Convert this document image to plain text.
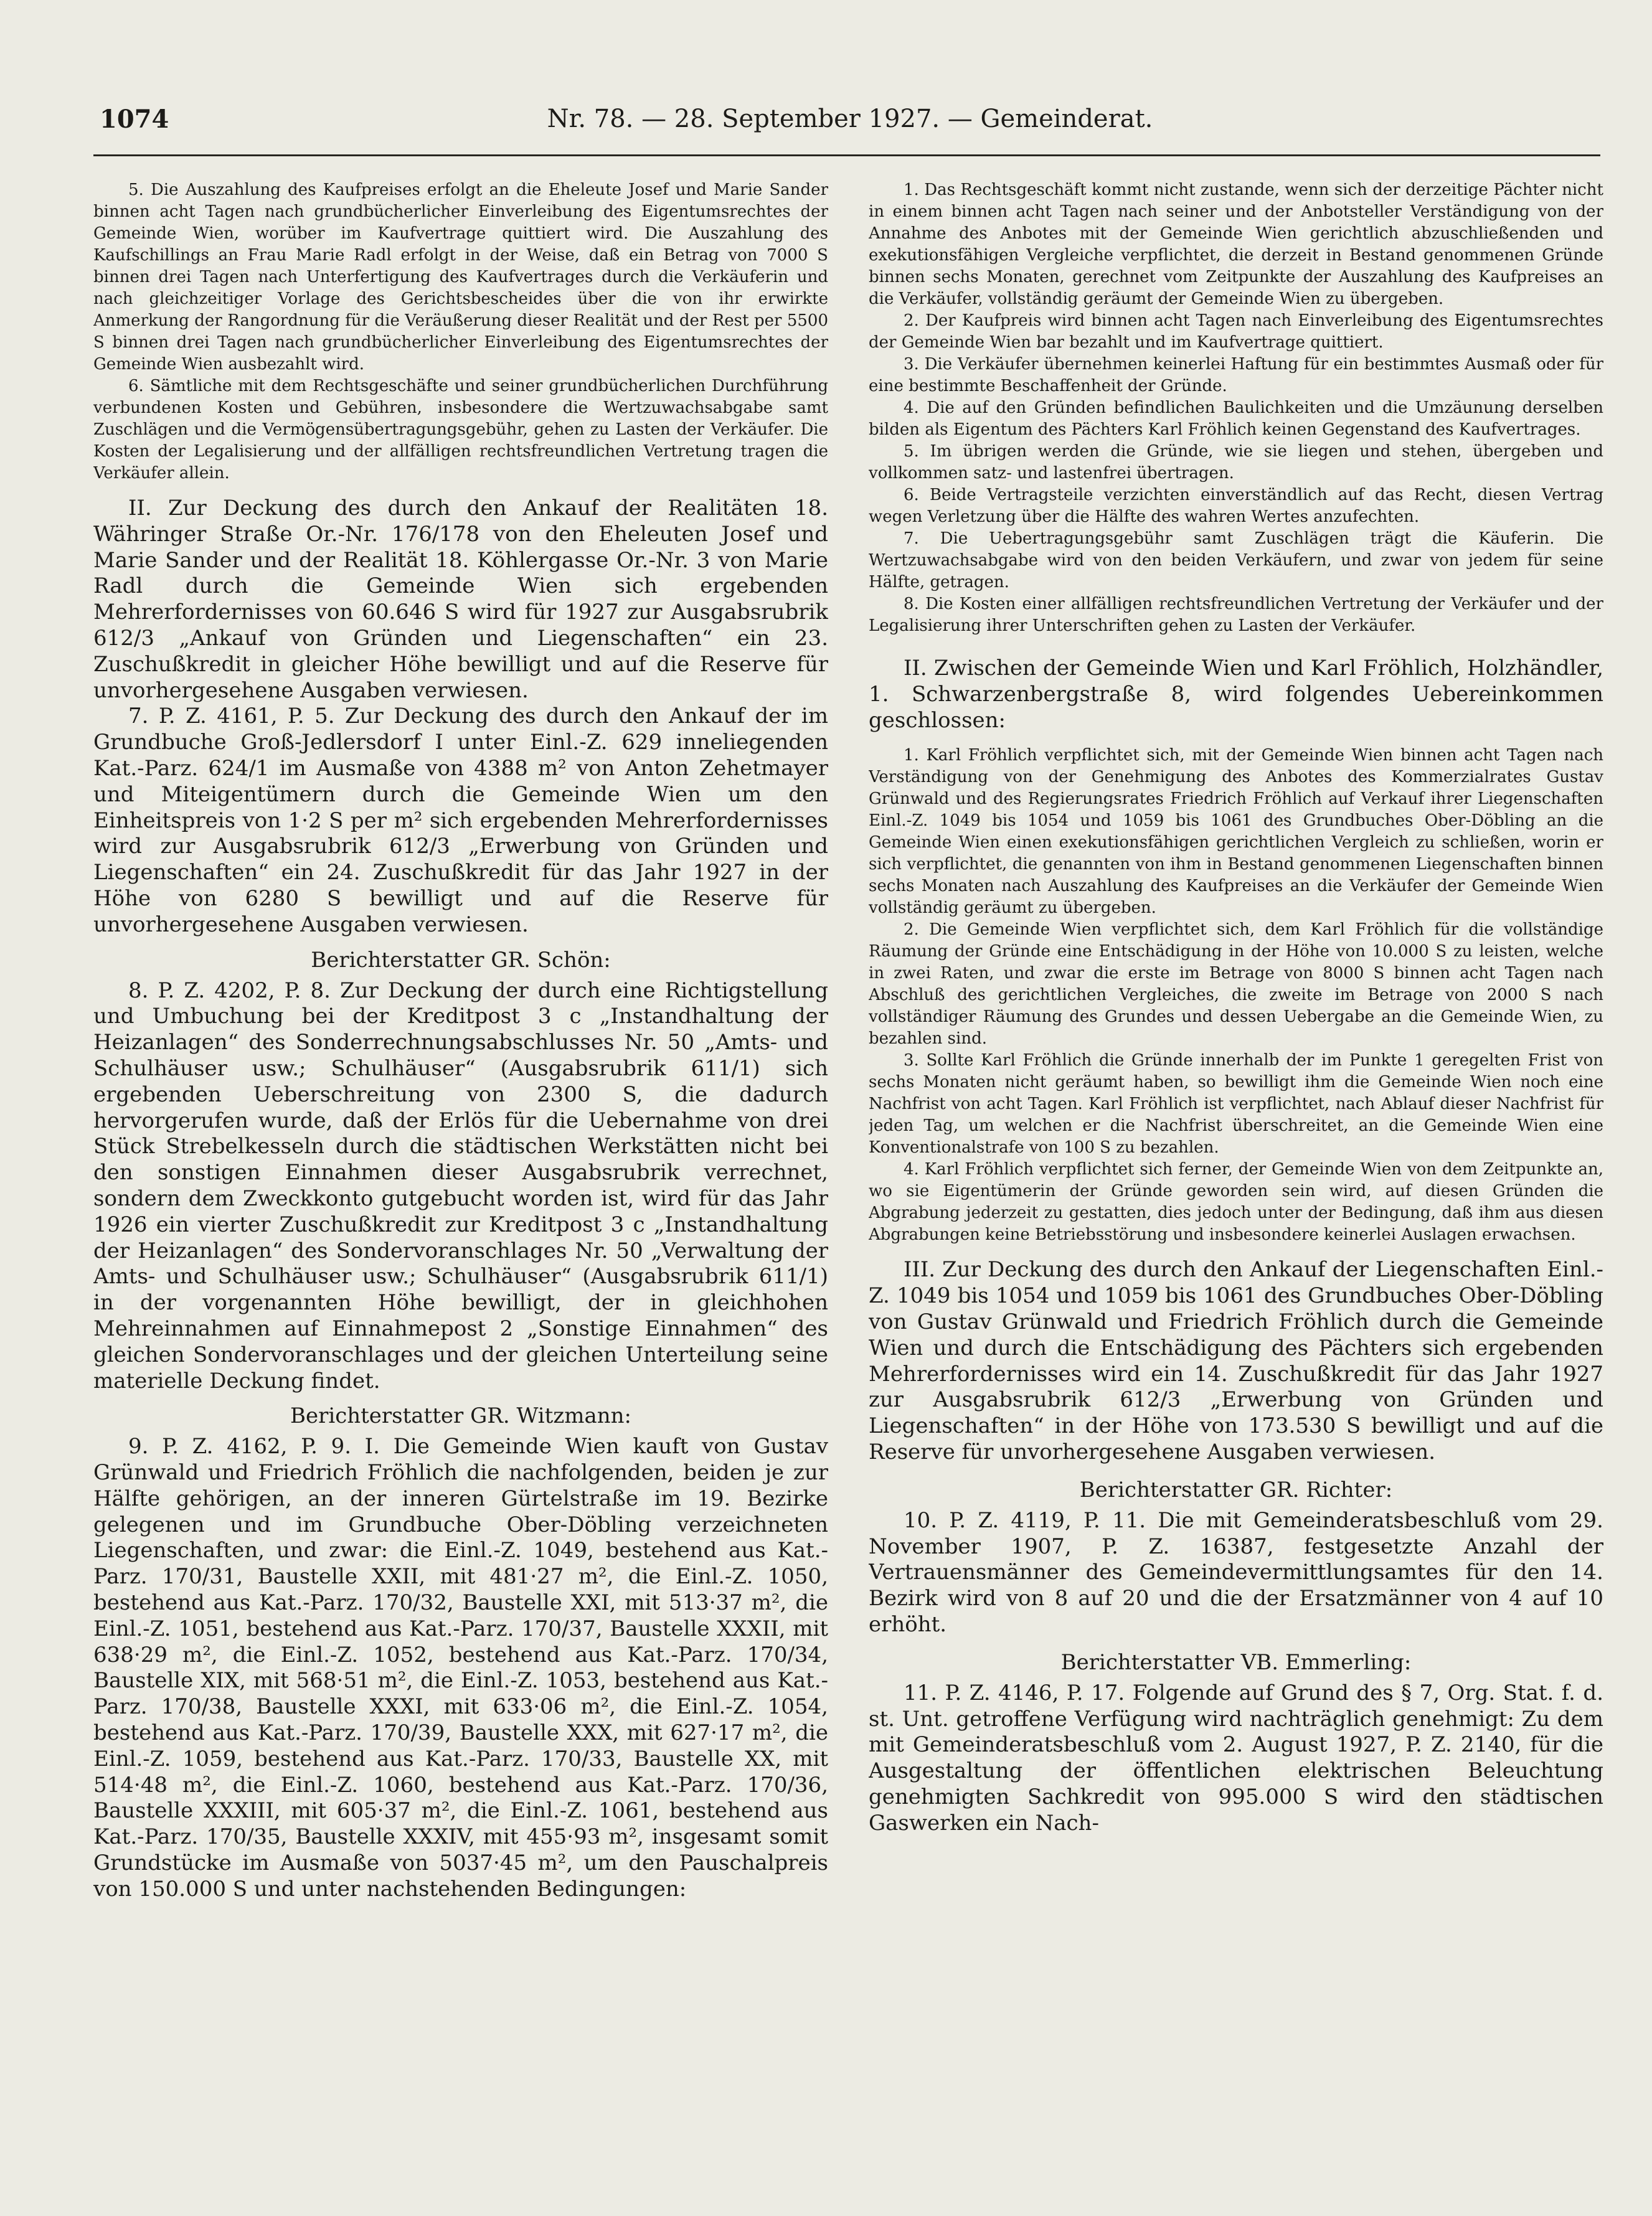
1074	Nr. 78. — 28. September 1927. — Gemeinderat.

5. Die Auszahlung des Kaufpreises erfolgt an die Eheleute Josef und Marie Sander binnen acht Tagen nach grundbücherlicher Einverleibung des Eigentumsrechtes der Gemeinde Wien, worüber im Kaufvertrage quittiert wird. Die Auszahlung des Kaufschillings an Frau Marie Radl erfolgt in der Weise, daß ein Betrag von 7000 S binnen drei Tagen nach Unterfertigung des Kaufvertrages durch die Verkäuferin und nach gleichzeitiger Vorlage des Gerichtsbescheides über die von ihr erwirkte Anmerkung der Rangordnung für die Veräußerung dieser Realität und der Rest per 5500 S binnen drei Tagen nach grundbücherlicher Einverleibung des Eigentumsrechtes der Gemeinde Wien ausbezahlt wird.

6. Sämtliche mit dem Rechtsgeschäfte und seiner grundbücherlichen Durchführung verbundenen Kosten und Gebühren, insbesondere die Wertzuwachsabgabe samt Zuschlägen und die Vermögensübertragungsgebühr, gehen zu Lasten der Verkäufer. Die Kosten der Legalisierung und der allfälligen rechtsfreundlichen Vertretung tragen die Verkäufer allein.

II. Zur Deckung des durch den Ankauf der Realitäten 18. Währinger Straße Or.-Nr. 176/178 von den Eheleuten Josef und Marie Sander und der Realität 18. Köhlergasse Or.-Nr. 3 von Marie Radl durch die Gemeinde Wien sich ergebenden Mehrerfordernisses von 60.646 S wird für 1927 zur Ausgabsrubrik 612/3 „Ankauf von Gründen und Liegenschaften“ ein 23. Zuschußkredit in gleicher Höhe bewilligt und auf die Reserve für unvorhergesehene Ausgaben verwiesen.

7. P. Z. 4161, P. 5. Zur Deckung des durch den Ankauf der im Grundbuche Groß-Jedlersdorf I unter Einl.-Z. 629 inneliegenden Kat.-Parz. 624/1 im Ausmaße von 4388 m² von Anton Zehetmayer und Miteigentümern durch die Gemeinde Wien um den Einheitspreis von 1·2 S per m² sich ergebenden Mehrerfordernisses wird zur Ausgabsrubrik 612/3 „Erwerbung von Gründen und Liegenschaften“ ein 24. Zuschußkredit für das Jahr 1927 in der Höhe von 6280 S bewilligt und auf die Reserve für unvorhergesehene Ausgaben verwiesen.

Berichterstatter GR. Schön:

8. P. Z. 4202, P. 8. Zur Deckung der durch eine Richtigstellung und Umbuchung bei der Kreditpost 3 c „Instandhaltung der Heizanlagen“ des Sonderrechnungsabschlusses Nr. 50 „Amts- und Schulhäuser usw.; Schulhäuser“ (Ausgabsrubrik 611/1) sich ergebenden Ueberschreitung von 2300 S, die dadurch hervorgerufen wurde, daß der Erlös für die Uebernahme von drei Stück Strebelkesseln durch die städtischen Werkstätten nicht bei den sonstigen Einnahmen dieser Ausgabsrubrik verrechnet, sondern dem Zweckkonto gutgebucht worden ist, wird für das Jahr 1926 ein vierter Zuschußkredit zur Kreditpost 3 c „Instandhaltung der Heizanlagen“ des Sondervoranschlages Nr. 50 „Verwaltung der Amts- und Schulhäuser usw.; Schulhäuser“ (Ausgabsrubrik 611/1) in der vorgenannten Höhe bewilligt, der in gleichhohen Mehreinnahmen auf Einnahmepost 2 „Sonstige Einnahmen“ des gleichen Sondervoranschlages und der gleichen Unterteilung seine materielle Deckung findet.

Berichterstatter GR. Witzmann:

9. P. Z. 4162, P. 9. I. Die Gemeinde Wien kauft von Gustav Grünwald und Friedrich Fröhlich die nachfolgenden, beiden je zur Hälfte gehörigen, an der inneren Gürtelstraße im 19. Bezirke gelegenen und im Grundbuche Ober-Döbling verzeichneten Liegenschaften, und zwar: die Einl.-Z. 1049, bestehend aus Kat.-Parz. 170/31, Baustelle XXII, mit 481·27 m², die Einl.-Z. 1050, bestehend aus Kat.-Parz. 170/32, Baustelle XXI, mit 513·37 m², die Einl.-Z. 1051, bestehend aus Kat.-Parz. 170/37, Baustelle XXXII, mit 638·29 m², die Einl.-Z. 1052, bestehend aus Kat.-Parz. 170/34, Baustelle XIX, mit 568·51 m², die Einl.-Z. 1053, bestehend aus Kat.-Parz. 170/38, Baustelle XXXI, mit 633·06 m², die Einl.-Z. 1054, bestehend aus Kat.-Parz. 170/39, Baustelle XXX, mit 627·17 m², die Einl.-Z. 1059, bestehend aus Kat.-Parz. 170/33, Baustelle XX, mit 514·48 m², die Einl.-Z. 1060, bestehend aus Kat.-Parz. 170/36, Baustelle XXXIII, mit 605·37 m², die Einl.-Z. 1061, bestehend aus Kat.-Parz. 170/35, Baustelle XXXIV, mit 455·93 m², insgesamt somit Grundstücke im Ausmaße von 5037·45 m², um den Pauschalpreis von 150.000 S und unter nachstehenden Bedingungen:

1. Das Rechtsgeschäft kommt nicht zustande, wenn sich der derzeitige Pächter nicht in einem binnen acht Tagen nach seiner und der Anbotsteller Verständigung von der Annahme des Anbotes mit der Gemeinde Wien gerichtlich abzuschließenden und exekutionsfähigen Vergleiche verpflichtet, die derzeit in Bestand genommenen Gründe binnen sechs Monaten, gerechnet vom Zeitpunkte der Auszahlung des Kaufpreises an die Verkäufer, vollständig geräumt der Gemeinde Wien zu übergeben.

2. Der Kaufpreis wird binnen acht Tagen nach Einverleibung des Eigentumsrechtes der Gemeinde Wien bar bezahlt und im Kaufvertrage quittiert.

3. Die Verkäufer übernehmen keinerlei Haftung für ein bestimmtes Ausmaß oder für eine bestimmte Beschaffenheit der Gründe.

4. Die auf den Gründen befindlichen Baulichkeiten und die Umzäunung derselben bilden als Eigentum des Pächters Karl Fröhlich keinen Gegenstand des Kaufvertrages.

5. Im übrigen werden die Gründe, wie sie liegen und stehen, übergeben und vollkommen satz- und lastenfrei übertragen.

6. Beide Vertragsteile verzichten einverständlich auf das Recht, diesen Vertrag wegen Verletzung über die Hälfte des wahren Wertes anzufechten.

7. Die Uebertragungsgebühr samt Zuschlägen trägt die Käuferin. Die Wertzuwachsabgabe wird von den beiden Verkäufern, und zwar von jedem für seine Hälfte, getragen.

8. Die Kosten einer allfälligen rechtsfreundlichen Vertretung der Verkäufer und der Legalisierung ihrer Unterschriften gehen zu Lasten der Verkäufer.

II. Zwischen der Gemeinde Wien und Karl Fröhlich, Holzhändler, 1. Schwarzenbergstraße 8, wird folgendes Uebereinkommen geschlossen:

1. Karl Fröhlich verpflichtet sich, mit der Gemeinde Wien binnen acht Tagen nach Verständigung von der Genehmigung des Anbotes des Kommerzialrates Gustav Grünwald und des Regierungsrates Friedrich Fröhlich auf Verkauf ihrer Liegenschaften Einl.-Z. 1049 bis 1054 und 1059 bis 1061 des Grundbuches Ober-Döbling an die Gemeinde Wien einen exekutionsfähigen gerichtlichen Vergleich zu schließen, worin er sich verpflichtet, die genannten von ihm in Bestand genommenen Liegenschaften binnen sechs Monaten nach Auszahlung des Kaufpreises an die Verkäufer der Gemeinde Wien vollständig geräumt zu übergeben.

2. Die Gemeinde Wien verpflichtet sich, dem Karl Fröhlich für die vollständige Räumung der Gründe eine Entschädigung in der Höhe von 10.000 S zu leisten, welche in zwei Raten, und zwar die erste im Betrage von 8000 S binnen acht Tagen nach Abschluß des gerichtlichen Vergleiches, die zweite im Betrage von 2000 S nach vollständiger Räumung des Grundes und dessen Uebergabe an die Gemeinde Wien, zu bezahlen sind.

3. Sollte Karl Fröhlich die Gründe innerhalb der im Punkte 1 geregelten Frist von sechs Monaten nicht geräumt haben, so bewilligt ihm die Gemeinde Wien noch eine Nachfrist von acht Tagen. Karl Fröhlich ist verpflichtet, nach Ablauf dieser Nachfrist für jeden Tag, um welchen er die Nachfrist überschreitet, an die Gemeinde Wien eine Konventionalstrafe von 100 S zu bezahlen.

4. Karl Fröhlich verpflichtet sich ferner, der Gemeinde Wien von dem Zeitpunkte an, wo sie Eigentümerin der Gründe geworden sein wird, auf diesen Gründen die Abgrabung jederzeit zu gestatten, dies jedoch unter der Bedingung, daß ihm aus diesen Abgrabungen keine Betriebsstörung und insbesondere keinerlei Auslagen erwachsen.

III. Zur Deckung des durch den Ankauf der Liegenschaften Einl.-Z. 1049 bis 1054 und 1059 bis 1061 des Grundbuches Ober-Döbling von Gustav Grünwald und Friedrich Fröhlich durch die Gemeinde Wien und durch die Entschädigung des Pächters sich ergebenden Mehrerfordernisses wird ein 14. Zuschußkredit für das Jahr 1927 zur Ausgabsrubrik 612/3 „Erwerbung von Gründen und Liegenschaften“ in der Höhe von 173.530 S bewilligt und auf die Reserve für unvorhergesehene Ausgaben verwiesen.

Berichterstatter GR. Richter:

10. P. Z. 4119, P. 11. Die mit Gemeinderatsbeschluß vom 29. November 1907, P. Z. 16387, festgesetzte Anzahl der Vertrauensmänner des Gemeindevermittlungsamtes für den 14. Bezirk wird von 8 auf 20 und die der Ersatzmänner von 4 auf 10 erhöht.

Berichterstatter VB. Emmerling:

11. P. Z. 4146, P. 17. Folgende auf Grund des § 7, Org. Stat. f. d. st. Unt. getroffene Verfügung wird nachträglich genehmigt: Zu dem mit Gemeinderatsbeschluß vom 2. August 1927, P. Z. 2140, für die Ausgestaltung der öffentlichen elektrischen Beleuchtung genehmigten Sachkredit von 995.000 S wird den städtischen Gaswerken ein Nach-
